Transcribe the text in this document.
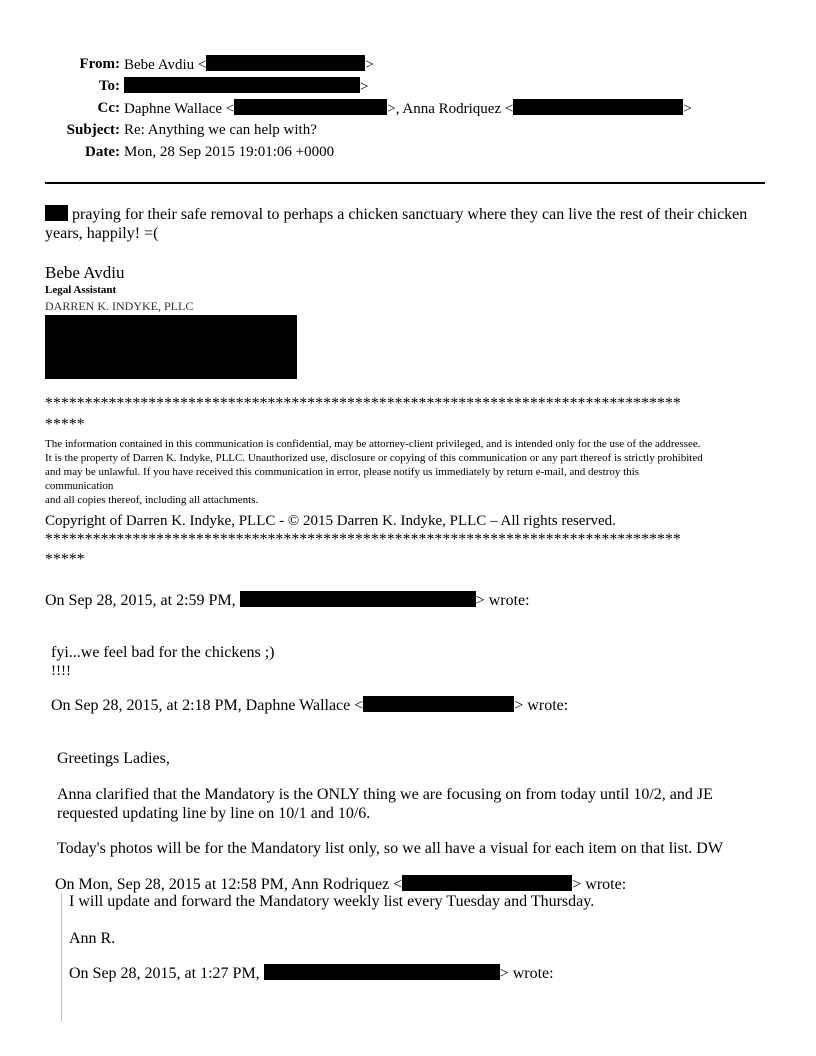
From: Bebe Avdiu <	>
To:	>
Cc: Daphne Wallace <	>, Anna Rodriquez <	>
Subject: Re: Anything we can help with?
Date: Mon, 28 Sep 2015 19:01:06 +0000
praying for their safe removal to perhaps a chicken sanctuary where they can live the rest of their chicken
years, happily! =(
Bebe Avdiu
Legal Assistant
DARREN K. INDYKE, PLLC
********************************************************************************
*****
The information contained in this communication is confidential, may be attorney-client privileged, and is intended only for the use of the addressee.
It is the property of Darren K. Indyke, PLLC. Unauthorized use, disclosure or copying of this communication or any part thereof is strictly prohibited
and may be unlawful. If you have received this communication in error, please notify us immediately by return e-mail, and destroy this
communication
and all copies thereof, including all attachments.
Copyright of Darren K. Indyke, PLLC - © 2015 Darren K. Indyke, PLLC – All rights reserved.
********************************************************************************
*****
On Sep 28, 2015, at 2:59 PM,	> wrote:
fyi...we feel bad for the chickens ;)
!!!!
On Sep 28, 2015, at 2:18 PM, Daphne Wallace <	> wrote:
Greetings Ladies,
Anna clarified that the Mandatory is the ONLY thing we are focusing on from today until 10/2, and JE
requested updating line by line on 10/1 and 10/6.
Today's photos will be for the Mandatory list only, so we all have a visual for each item on that list. DW
On Mon, Sep 28, 2015 at 12:58 PM, Ann Rodriquez <	> wrote:
I will update and forward the Mandatory weekly list every Tuesday and Thursday.
Ann R.
On Sep 28, 2015, at 1:27 PM,	> wrote:
